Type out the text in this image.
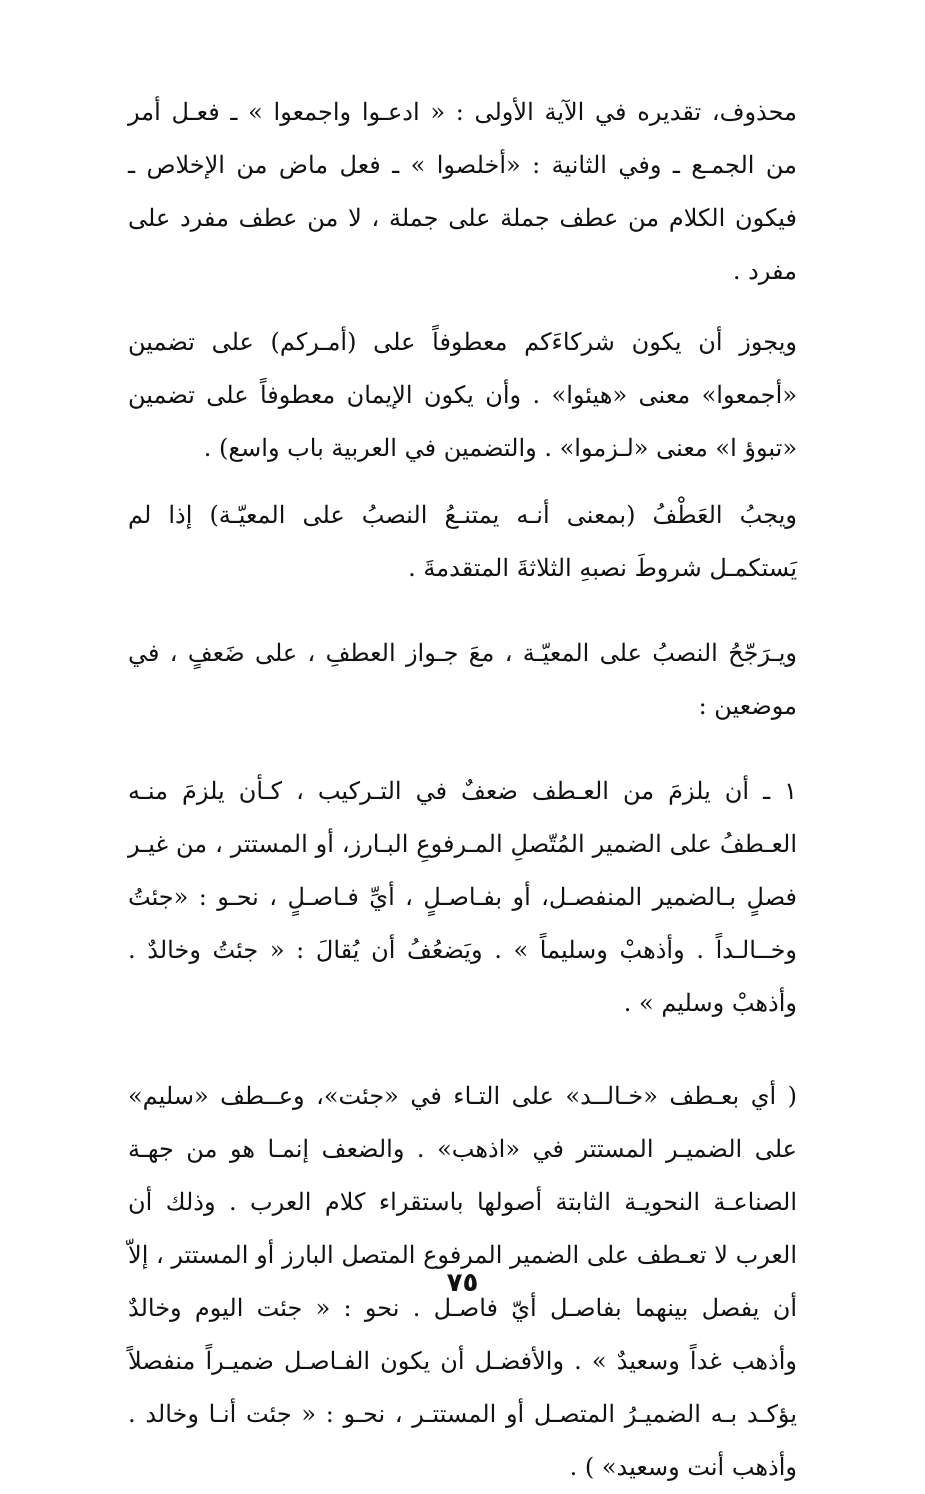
محذوف، تقديره في الآية الأولى : « ادعـوا واجمعوا » ـ فعـل أمر من الجمـع ـ وفي الثانية : «أخلصوا » ـ فعل ماض من الإخلاص ـ فيكون الكلام من عطف جملة على جملة ، لا من عطف مفرد على مفرد .

ويجوز أن يكون شركاءَكم معطوفاً على (أمـركم) على تضمين «أجمعوا» معنى «هيئوا» . وأن يكون الإيمان معطوفاً على تضمين «تبوؤ ا» معنى «لـزموا» . والتضمين في العربية باب واسع) .

ويجبُ العَطْفُ (بمعنى أنـه يمتنـعُ النصبُ على المعيّـة) إذا لم يَستكمـل شروطَ نصبهِ الثلاثةَ المتقدمةَ .

ويـرَجّحُ النصبُ على المعيّـة ، معَ جـواز العطفِ ، على ضَعفٍ ، في موضعين :

١ ـ أن يلزمَ من العـطف ضعفٌ في التـركيب ، كـأن يلزمَ منـه العـطفُ على الضمير المُتّصلِ المـرفوعِ البـارز، أو المستتر ، من غيـر فصلٍ بـالضمير المنفصـل، أو بفـاصـلٍ ، أيِّ فـاصـلٍ ، نحـو : «جئتُ وخــالـداً . وأذهبْ وسليماً » . ويَضعُفُ أن يُقالَ : « جئتُ وخالدٌ . وأذهبْ وسليم » .

( أي بعـطف «خـالــد» على التـاء في «جئت»، وعــطف «سليم» على الضميـر المستتر في «اذهب» . والضعف إنمـا هو من جهـة الصناعـة النحويـة الثابتة أصولها باستقراء كلام العرب . وذلك أن العرب لا تعـطف على الضمير المرفوع المتصل البارز أو المستتر ، إلاّ أن يفصل بينهما بفاصـل أيّ فاصـل . نحو : « جئت اليوم وخالدٌ وأذهب غداً وسعيدٌ » . والأفضـل أن يكون الفـاصـل ضميـراً منفصلاً يؤكـد بـه الضميـرُ المتصـل أو المستتـر ، نحـو : « جئت أنـا وخالد . وأذهب أنت وسعيد» ) .

٧٥
